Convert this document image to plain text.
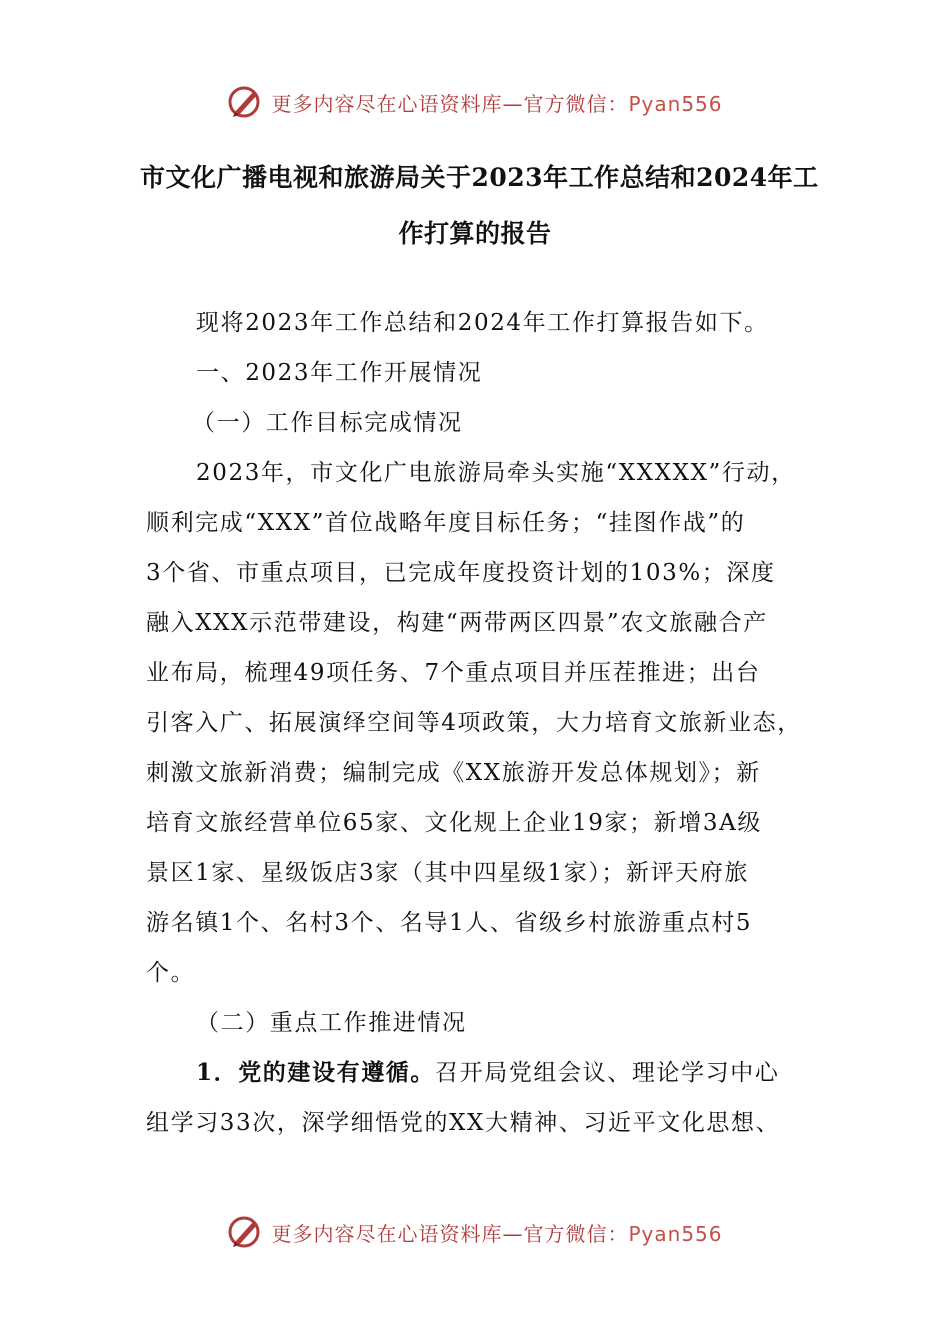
更多内容尽在心语资料库—官方微信：Pyan556
市文化广播电视和旅游局关于2023年工作总结和2024年工
作打算的报告
现将2023年工作总结和2024年工作打算报告如下。
一、2023年工作开展情况
（一）工作目标完成情况
2023年，市文化广电旅游局牵头实施“XXXXX”行动，
顺利完成“XXX”首位战略年度目标任务；“挂图作战”的
3个省、市重点项目，已完成年度投资计划的103%；深度
融入XXX示范带建设，构建“两带两区四景”农文旅融合产
业布局，梳理49项任务、7个重点项目并压茬推进；出台
引客入广、拓展演绎空间等4项政策，大力培育文旅新业态，
刺激文旅新消费；编制完成《XX旅游开发总体规划》；新
培育文旅经营单位65家、文化规上企业19家；新增3A级
景区1家、星级饭店3家（其中四星级1家）；新评天府旅
游名镇1个、名村3个、名导1人、省级乡村旅游重点村5
个。
（二）重点工作推进情况
1．党的建设有遵循。召开局党组会议、理论学习中心
组学习33次，深学细悟党的XX大精神、习近平文化思想、
更多内容尽在心语资料库—官方微信：Pyan556
